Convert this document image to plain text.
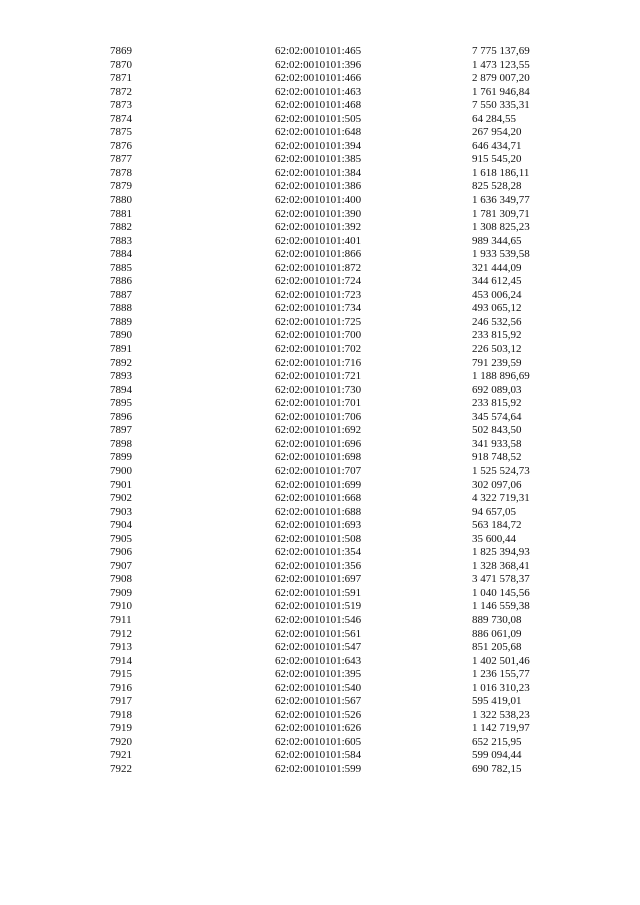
7869	62:02:0010101:465	7 775 137,69
7870	62:02:0010101:396	1 473 123,55
7871	62:02:0010101:466	2 879 007,20
7872	62:02:0010101:463	1 761 946,84
7873	62:02:0010101:468	7 550 335,31
7874	62:02:0010101:505	64 284,55
7875	62:02:0010101:648	267 954,20
7876	62:02:0010101:394	646 434,71
7877	62:02:0010101:385	915 545,20
7878	62:02:0010101:384	1 618 186,11
7879	62:02:0010101:386	825 528,28
7880	62:02:0010101:400	1 636 349,77
7881	62:02:0010101:390	1 781 309,71
7882	62:02:0010101:392	1 308 825,23
7883	62:02:0010101:401	989 344,65
7884	62:02:0010101:866	1 933 539,58
7885	62:02:0010101:872	321 444,09
7886	62:02:0010101:724	344 612,45
7887	62:02:0010101:723	453 006,24
7888	62:02:0010101:734	493 065,12
7889	62:02:0010101:725	246 532,56
7890	62:02:0010101:700	233 815,92
7891	62:02:0010101:702	226 503,12
7892	62:02:0010101:716	791 239,59
7893	62:02:0010101:721	1 188 896,69
7894	62:02:0010101:730	692 089,03
7895	62:02:0010101:701	233 815,92
7896	62:02:0010101:706	345 574,64
7897	62:02:0010101:692	502 843,50
7898	62:02:0010101:696	341 933,58
7899	62:02:0010101:698	918 748,52
7900	62:02:0010101:707	1 525 524,73
7901	62:02:0010101:699	302 097,06
7902	62:02:0010101:668	4 322 719,31
7903	62:02:0010101:688	94 657,05
7904	62:02:0010101:693	563 184,72
7905	62:02:0010101:508	35 600,44
7906	62:02:0010101:354	1 825 394,93
7907	62:02:0010101:356	1 328 368,41
7908	62:02:0010101:697	3 471 578,37
7909	62:02:0010101:591	1 040 145,56
7910	62:02:0010101:519	1 146 559,38
7911	62:02:0010101:546	889 730,08
7912	62:02:0010101:561	886 061,09
7913	62:02:0010101:547	851 205,68
7914	62:02:0010101:643	1 402 501,46
7915	62:02:0010101:395	1 236 155,77
7916	62:02:0010101:540	1 016 310,23
7917	62:02:0010101:567	595 419,01
7918	62:02:0010101:526	1 322 538,23
7919	62:02:0010101:626	1 142 719,97
7920	62:02:0010101:605	652 215,95
7921	62:02:0010101:584	599 094,44
7922	62:02:0010101:599	690 782,15
